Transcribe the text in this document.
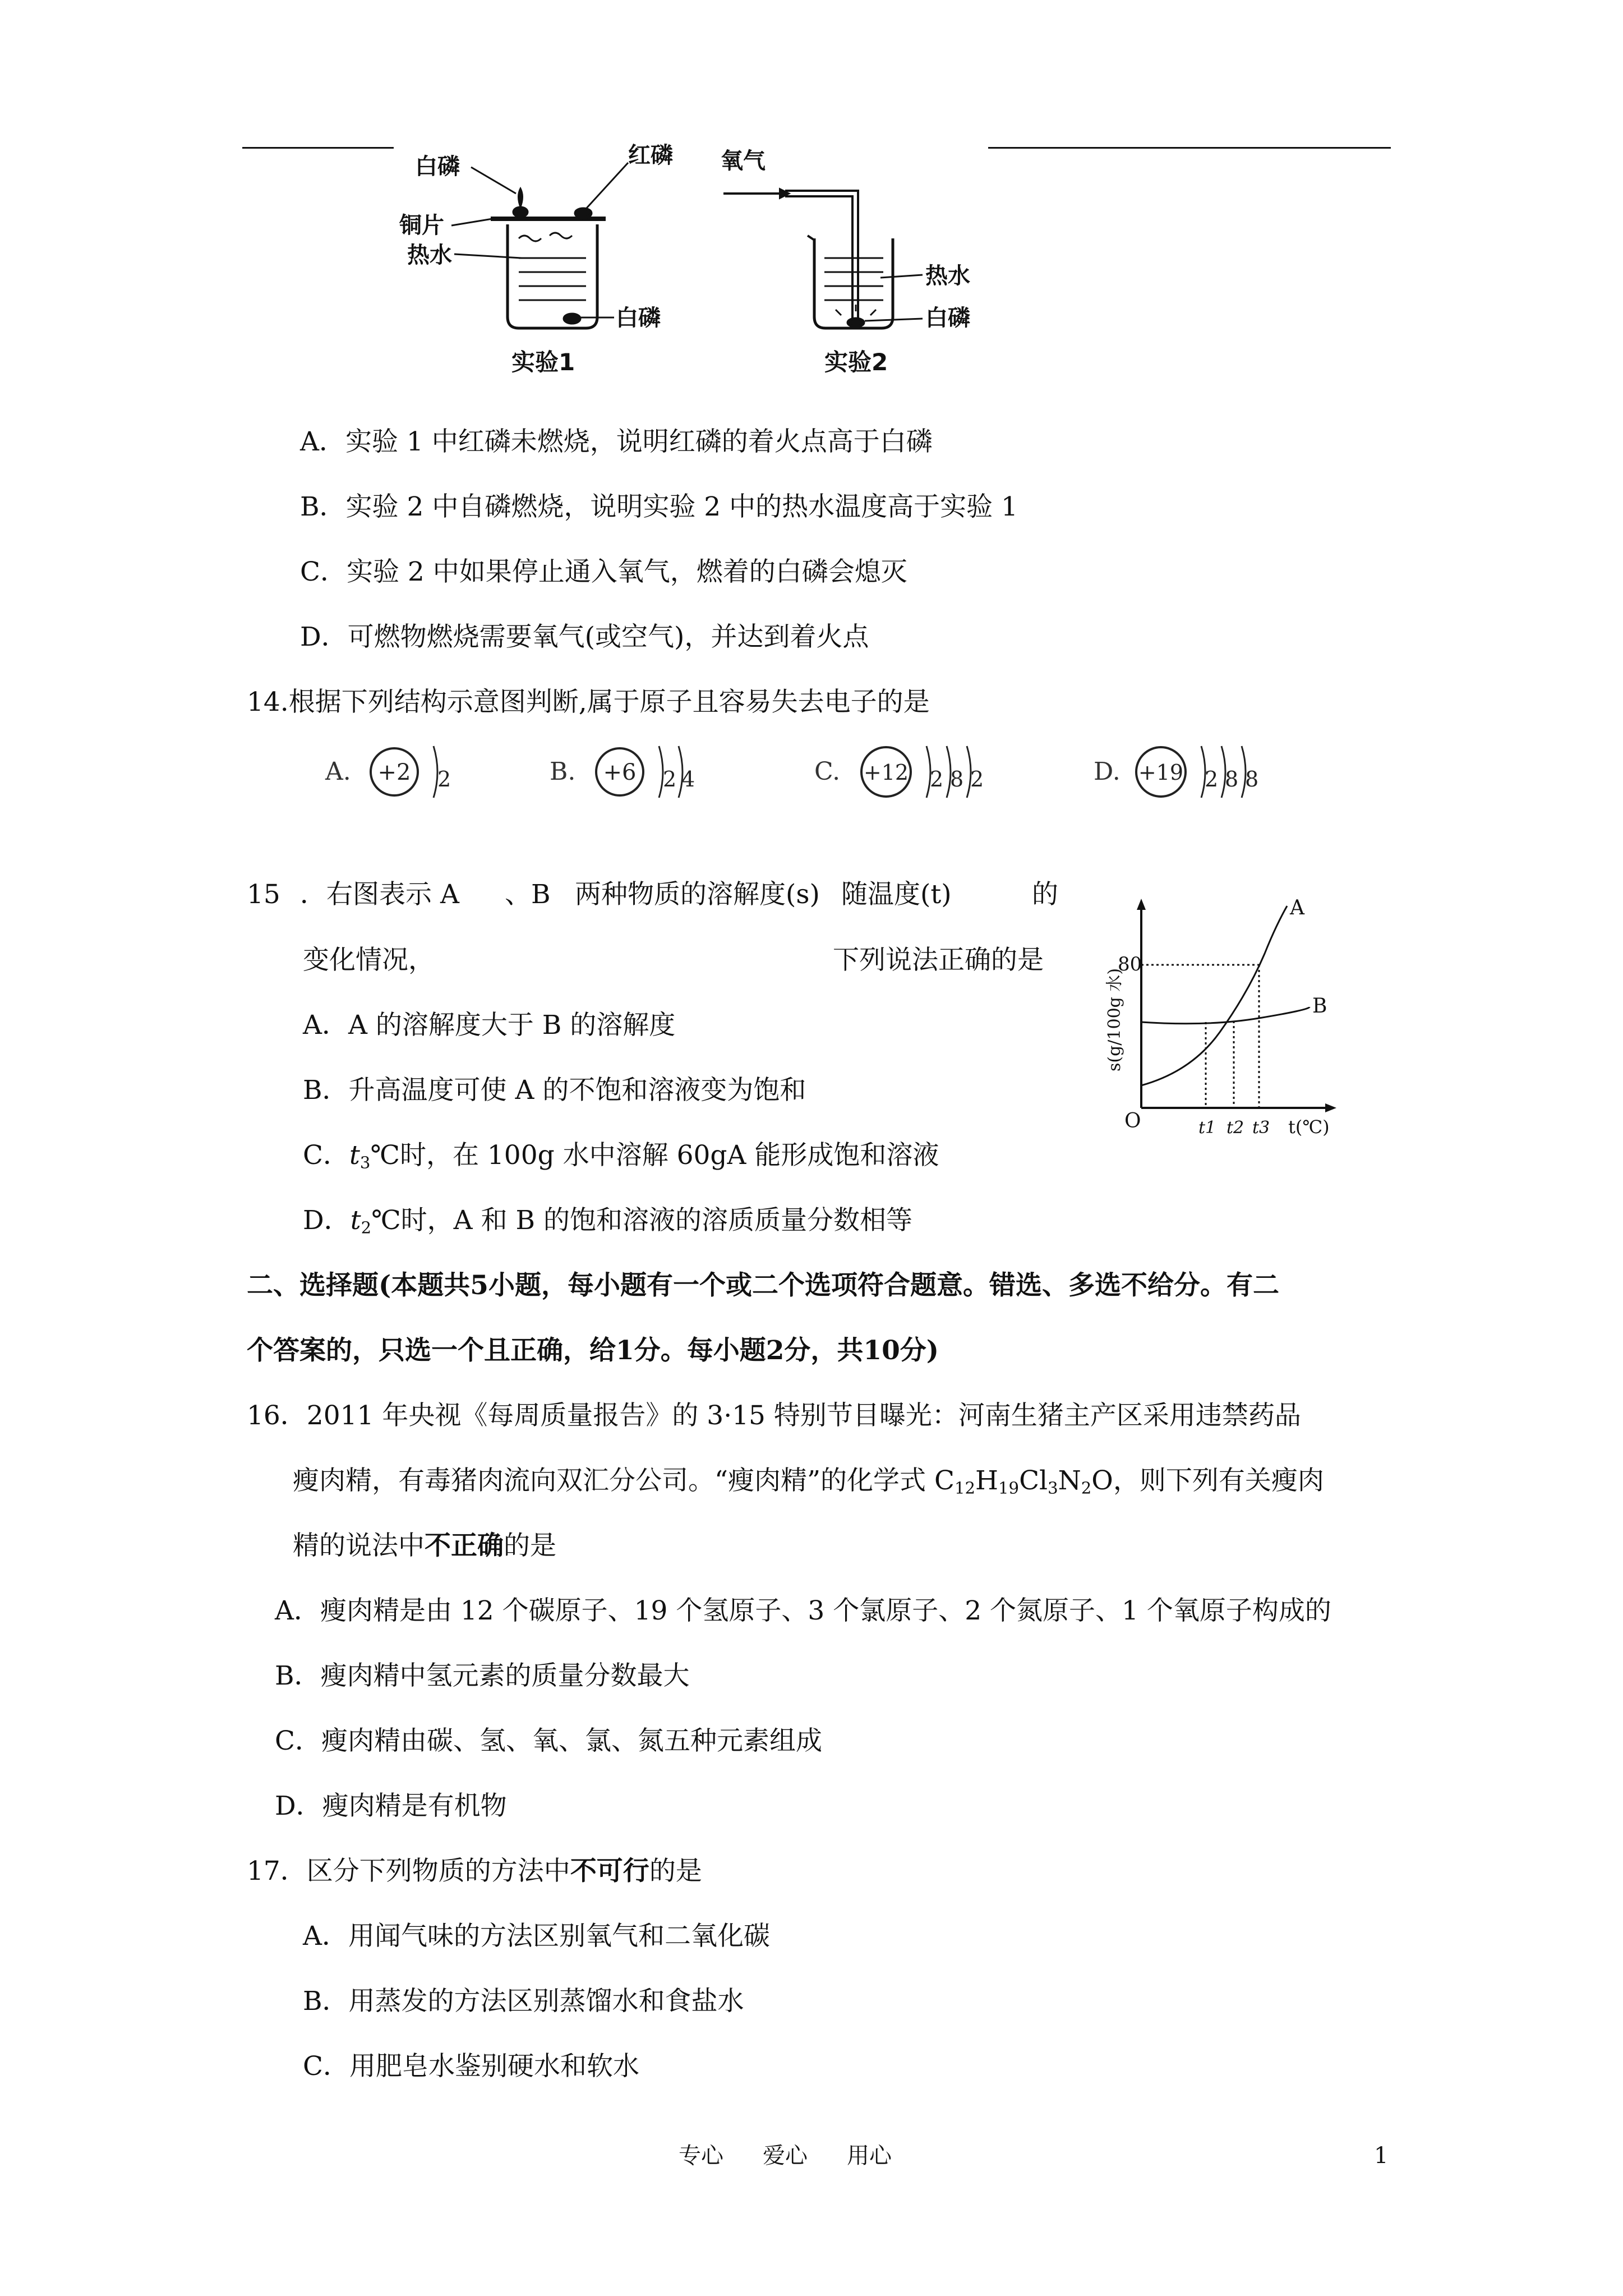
白磷	红磷
铜片
热水
白磷
实验1
氧气
热水
白磷
实验2
A．实验 1 中红磷未燃烧，说明红磷的着火点高于白磷
B．实验 2 中自磷燃烧，说明实验 2 中的热水温度高于实验 1
C．实验 2 中如果停止通入氧气，燃着的白磷会熄灭
D．可燃物燃烧需要氧气(或空气)，并达到着火点
14.根据下列结构示意图判断,属于原子且容易失去电子的是
A. +2 2	B. +6 2 4	C. +12 2 8 2	D. +19 2 8 8
15 ．右图表示 A 、B 两种物质的溶解度(s) 随温度(t)	的
变化情况，	下列说法正确的是
A．A 的溶解度大于 B 的溶解度
B．升高温度可使 A 的不饱和溶液变为饱和
C．$t_3℃$时，在 100g 水中溶解 60gA 能形成饱和溶液
D．$t_2℃$时，A 和 B 的饱和溶液的溶质质量分数相等
80
A
B
O	t1 t2 t3 t(℃)
s(g/100g 水)
二、选择题(本题共5小题，每小题有一个或二个选项符合题意。错选、多选不给分。有二
个答案的，只选一个且正确，给1分。每小题2分，共10分)
16．2011 年央视《每周质量报告》的 3·15 特别节目曝光：河南生猪主产区采用违禁药品
瘦肉精，有毒猪肉流向双汇分公司。“瘦肉精”的化学式 $C_{12}H_{19}Cl_3N_2O$，则下列有关瘦肉
精的说法中不正确的是
A．瘦肉精是由 12 个碳原子、19 个氢原子、3 个氯原子、2 个氮原子、1 个氧原子构成的
B．瘦肉精中氢元素的质量分数最大
C．瘦肉精由碳、氢、氧、氯、氮五种元素组成
D．瘦肉精是有机物
17．区分下列物质的方法中不可行的是
A．用闻气味的方法区别氧气和二氧化碳
B．用蒸发的方法区别蒸馏水和食盐水
C．用肥皂水鉴别硬水和软水
专心 爱心 用心	1
